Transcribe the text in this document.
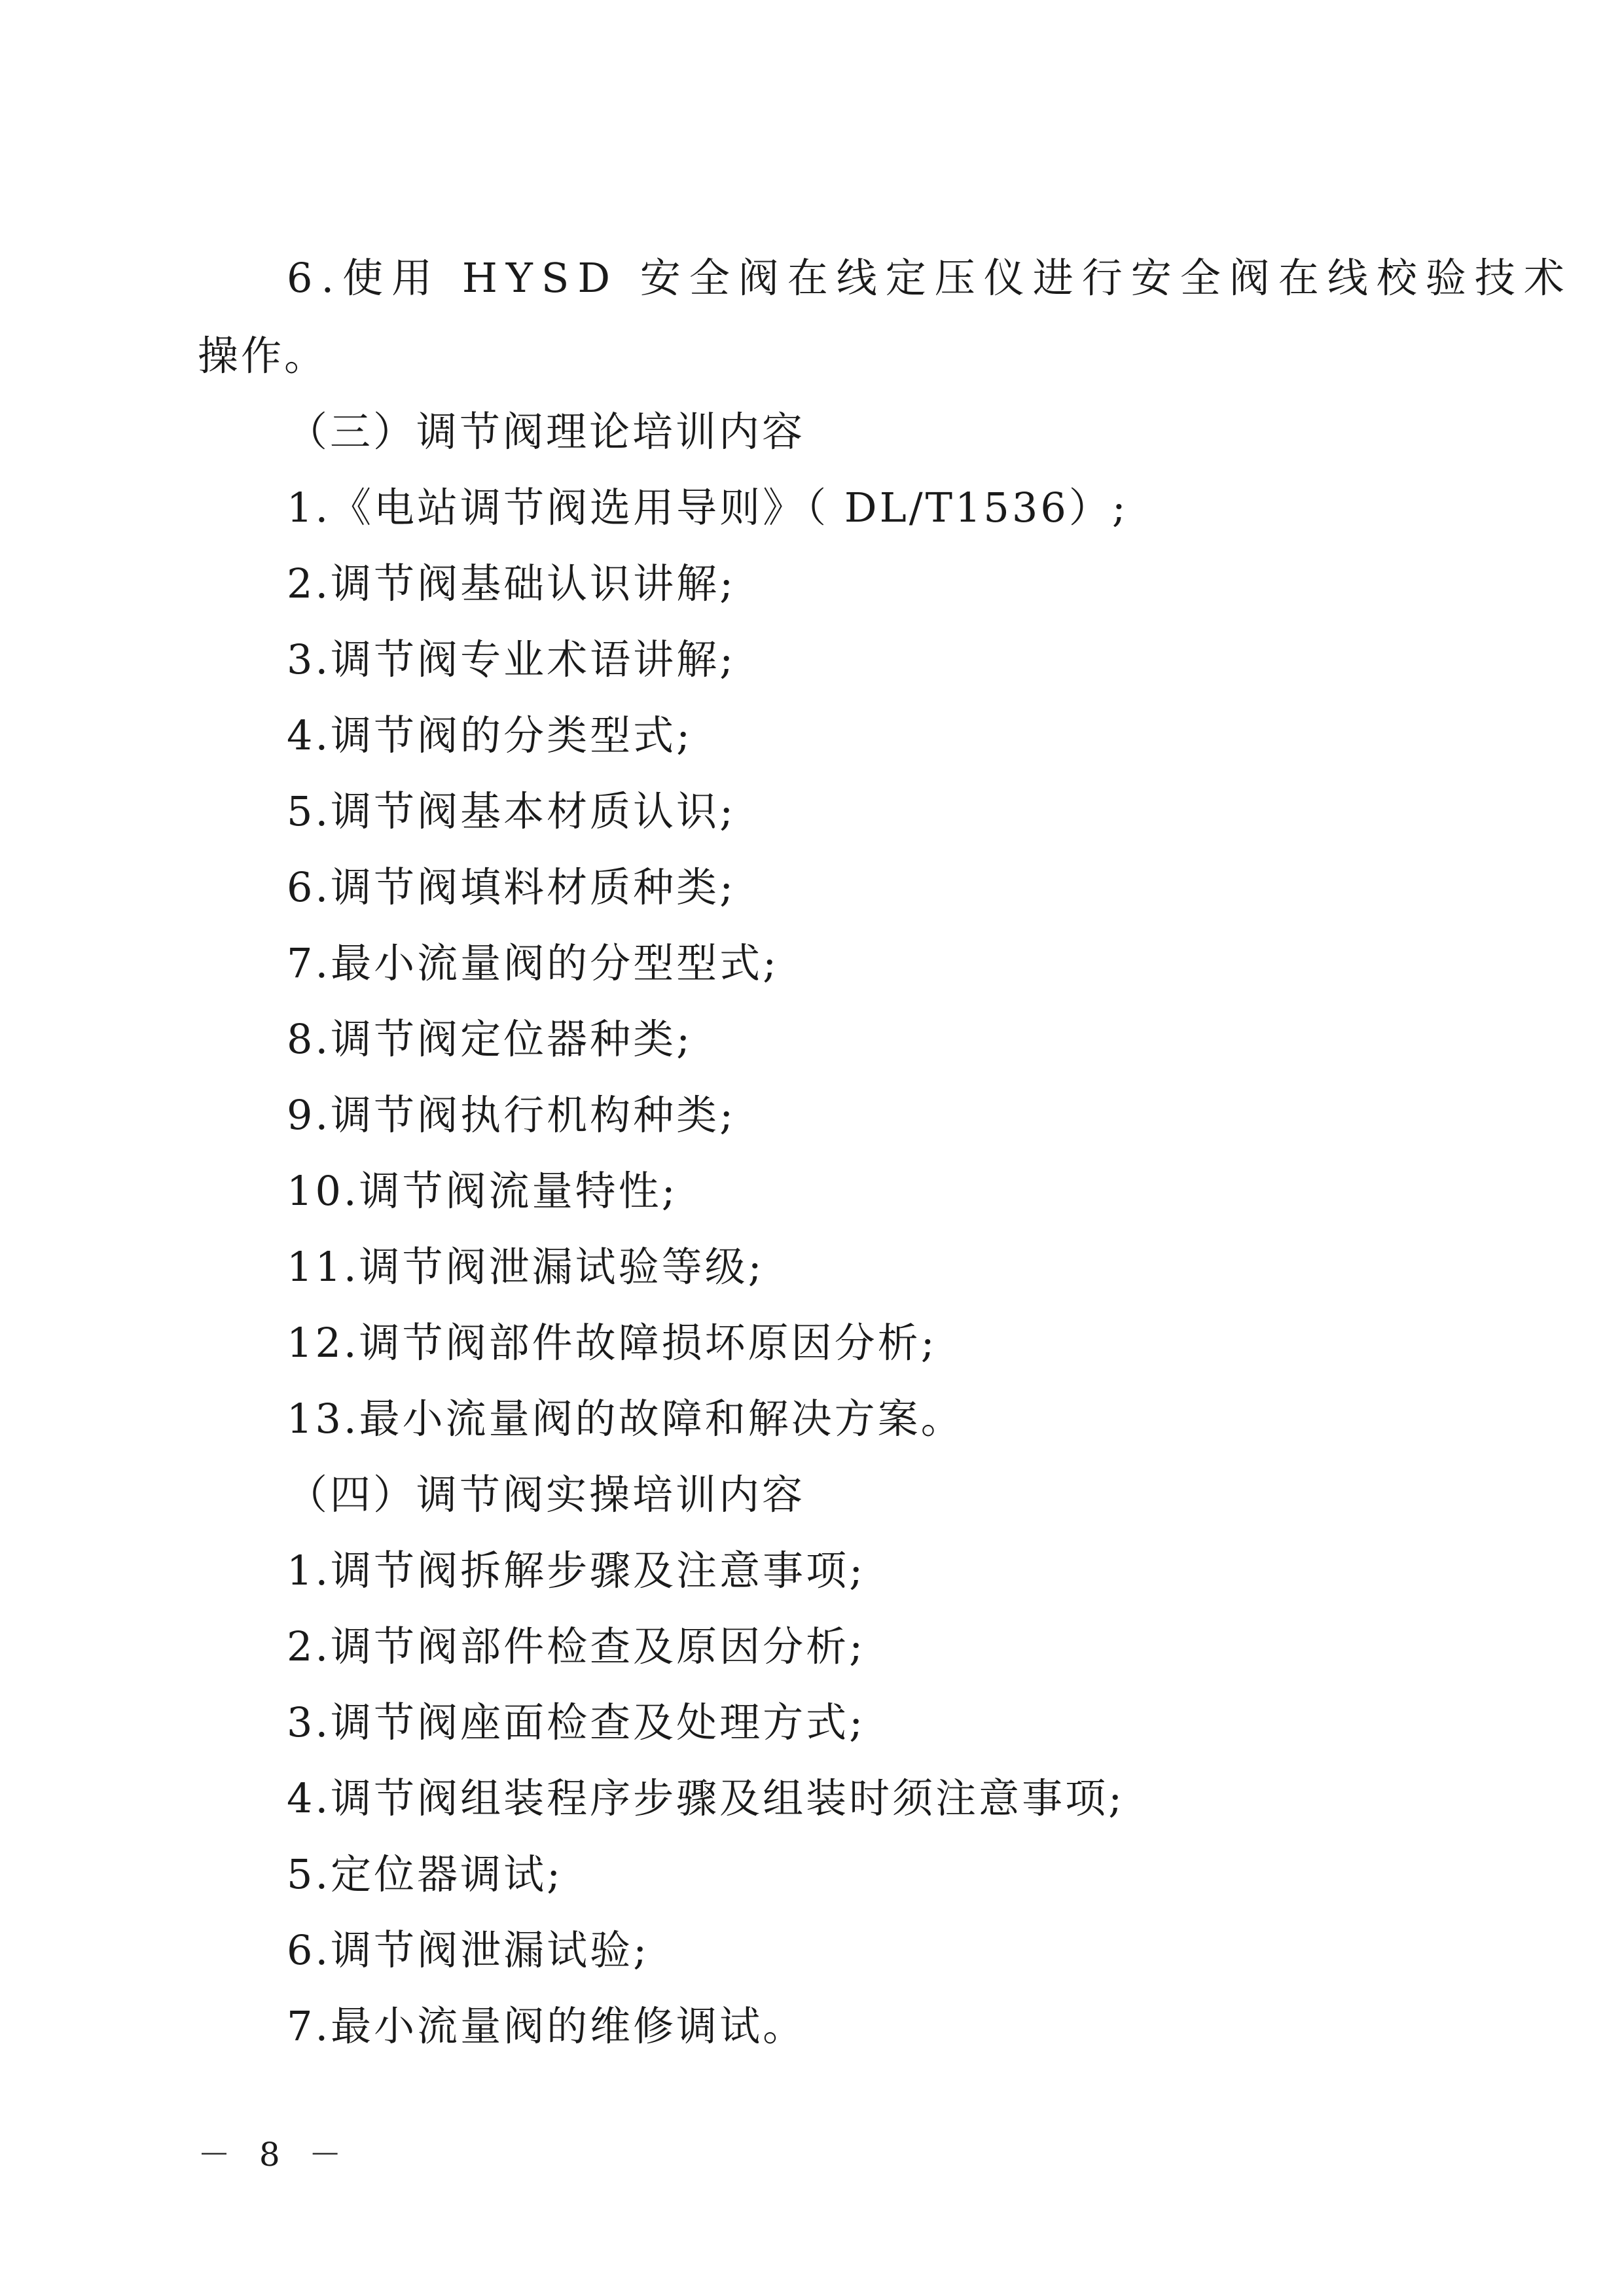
6.使用 HYSD 安全阀在线定压仪进行安全阀在线校验技术
操作。
（三）调节阀理论培训内容
1.《电站调节阀选用导则》（ DL/T1536）;
2.调节阀基础认识讲解;
3.调节阀专业术语讲解;
4.调节阀的分类型式;
5.调节阀基本材质认识;
6.调节阀填料材质种类;
7.最小流量阀的分型型式;
8.调节阀定位器种类;
9.调节阀执行机构种类;
10.调节阀流量特性;
11.调节阀泄漏试验等级;
12.调节阀部件故障损坏原因分析;
13.最小流量阀的故障和解决方案。
（四）调节阀实操培训内容
1.调节阀拆解步骤及注意事项;
2.调节阀部件检查及原因分析;
3.调节阀座面检查及处理方式;
4.调节阀组装程序步骤及组装时须注意事项;
5.定位器调试;
6.调节阀泄漏试验;
7.最小流量阀的维修调试。
－ 8 －
